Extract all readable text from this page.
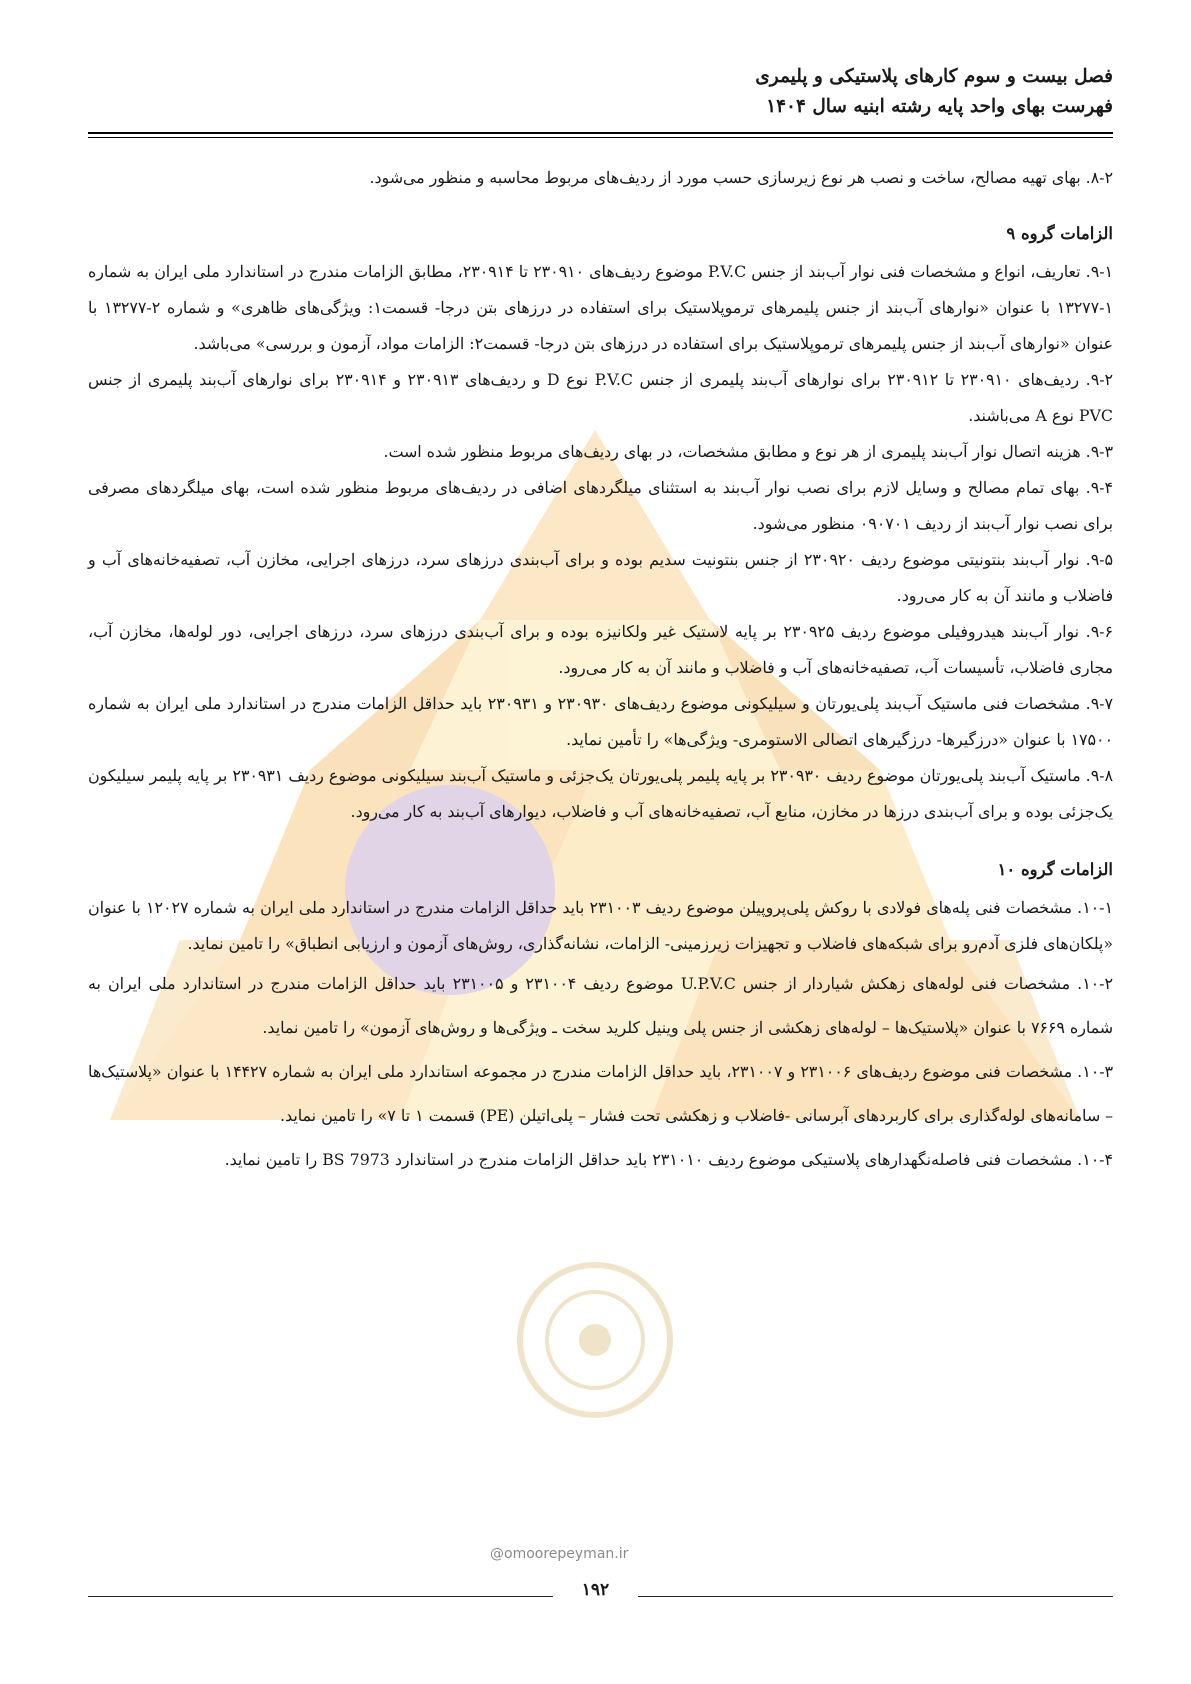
فصل بیست و سوم کارهای پلاستیکی و پلیمری
فهرست بهای واحد پایه رشته ابنیه سال ۱۴۰۴

۸-۲. بهای تهیه مصالح، ساخت و نصب هر نوع زیرسازی حسب مورد از ردیف‌های مربوط محاسبه و منظور می‌شود.

الزامات گروه ۹

۹-۱. تعاریف، انواع و مشخصات فنی نوار آب‌بند از جنس P.V.C موضوع ردیف‌های ۲۳۰۹۱۰ تا ۲۳۰۹۱۴، مطابق الزامات مندرج در استاندارد ملی ایران به شماره ۱-۱۳۲۷۷ با عنوان «نوارهای آب‌بند از جنس پلیمرهای ترموپلاستیک برای استفاده در درزهای بتن درجا- قسمت۱: ویژگی‌های ظاهری» و شماره ۲-۱۳۲۷۷ با عنوان «نوارهای آب‌بند از جنس پلیمرهای ترموپلاستیک برای استفاده در درزهای بتن درجا- قسمت۲: الزامات مواد، آزمون و بررسی» می‌باشد.

۹-۲. ردیف‌های ۲۳۰۹۱۰ تا ۲۳۰۹۱۲ برای نوارهای آب‌بند پلیمری از جنس P.V.C نوع D و ردیف‌های ۲۳۰۹۱۳ و ۲۳۰۹۱۴ برای نوارهای آب‌بند پلیمری از جنس PVC نوع A می‌باشند.

۹-۳. هزینه اتصال نوار آب‌بند پلیمری از هر نوع و مطابق مشخصات، در بهای ردیف‌های مربوط منظور شده است.

۹-۴. بهای تمام مصالح و وسایل لازم برای نصب نوار آب‌بند به استثنای میلگردهای اضافی در ردیف‌های مربوط منظور شده است، بهای میلگردهای مصرفی برای نصب نوار آب‌بند از ردیف ۰۹۰۷۰۱ منظور می‌شود.

۹-۵. نوار آب‌بند بنتونیتی موضوع ردیف ۲۳۰۹۲۰ از جنس بنتونیت سدیم بوده و برای آب‌بندی درزهای سرد، درزهای اجرایی، مخازن آب، تصفیه‌خانه‌های آب و فاضلاب و مانند آن به کار می‌رود.

۹-۶. نوار آب‌بند هیدروفیلی موضوع ردیف ۲۳۰۹۲۵ بر پایه لاستیک غیر ولکانیزه بوده و برای آب‌بندی درزهای سرد، درزهای اجرایی، دور لوله‌ها، مخازن آب، مجاری فاضلاب، تأسیسات آب، تصفیه‌خانه‌های آب و فاضلاب و مانند آن به کار می‌رود.

۹-۷. مشخصات فنی ماستیک آب‌بند پلی‌یورتان و سیلیکونی موضوع ردیف‌های ۲۳۰۹۳۰ و ۲۳۰۹۳۱ باید حداقل الزامات مندرج در استاندارد ملی ایران به شماره ۱۷۵۰۰ با عنوان «درزگیرها- درزگیرهای اتصالی الاستومری- ویژگی‌ها» را تأمین نماید.

۹-۸. ماستیک آب‌بند پلی‌یورتان موضوع ردیف ۲۳۰۹۳۰ بر پایه پلیمر پلی‌یورتان یک‌جزئی و ماستیک آب‌بند سیلیکونی موضوع ردیف ۲۳۰۹۳۱ بر پایه پلیمر سیلیکون یک‌جزئی بوده و برای آب‌بندی درزها در مخازن، منابع آب، تصفیه‌خانه‌های آب و فاضلاب، دیوارهای آب‌بند به کار می‌رود.

الزامات گروه ۱۰

۱۰-۱. مشخصات فنی پله‌های فولادی با روکش پلی‌پروپیلن موضوع ردیف ۲۳۱۰۰۳ باید حداقل الزامات مندرج در استاندارد ملی ایران به شماره ۱۲۰۲۷ با عنوان «پلکان‌های فلزی آدم‌رو برای شبکه‌های فاضلاب و تجهیزات زیرزمینی- الزامات، نشانه‌گذاری، روش‌های آزمون و ارزیابی انطباق» را تامین نماید.

۱۰-۲. مشخصات فنی لوله‌های زهکش شیاردار از جنس U.P.V.C موضوع ردیف ۲۳۱۰۰۴ و ۲۳۱۰۰۵ باید حداقل الزامات مندرج در استاندارد ملی ایران به شماره ۷۶۶۹ با عنوان «پلاستیک‌ها – لوله‌های زهکشی از جنس پلی وینیل کلرید سخت ـ ویژگی‌ها و روش‌های آزمون» را تامین نماید.

۱۰-۳. مشخصات فنی موضوع ردیف‌های ۲۳۱۰۰۶ و ۲۳۱۰۰۷، باید حداقل الزامات مندرج در مجموعه استاندارد ملی ایران به شماره ۱۴۴۲۷ با عنوان «پلاستیک‌ها – سامانه‌های لوله‌گذاری برای کاربردهای آبرسانی -فاضلاب و زهکشی تحت فشار – پلی‌اتیلن (PE) قسمت ۱ تا ۷» را تامین نماید.

۱۰-۴. مشخصات فنی فاصله‌نگهدارهای پلاستیکی موضوع ردیف ۲۳۱۰۱۰ باید حداقل الزامات مندرج در استاندارد BS 7973 را تامین نماید.

@omoorepeyman.ir
۱۹۲
